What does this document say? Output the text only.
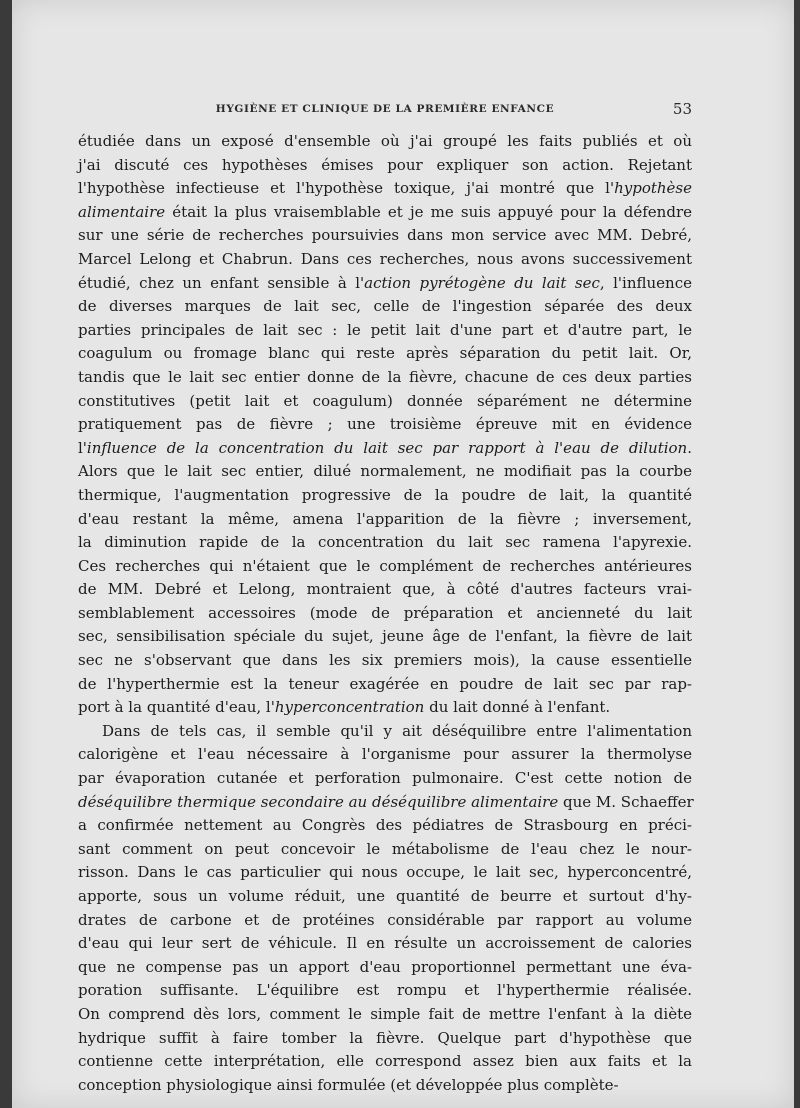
HYGIÈNE ET CLINIQUE DE LA PREMIÈRE ENFANCE	53
étudiée dans un exposé d'ensemble où j'ai groupé les faits publiés et où
j'ai discuté ces hypothèses émises pour expliquer son action. Rejetant
l'hypothèse infectieuse et l'hypothèse toxique, j'ai montré que l'hypothèse
alimentaire était la plus vraisemblable et je me suis appuyé pour la défendre
sur une série de recherches poursuivies dans mon service avec MM. Debré,
Marcel Lelong et Chabrun. Dans ces recherches, nous avons successivement
étudié, chez un enfant sensible à l'action pyrétogène du lait sec, l'influence
de diverses marques de lait sec, celle de l'ingestion séparée des deux
parties principales de lait sec : le petit lait d'une part et d'autre part, le
coagulum ou fromage blanc qui reste après séparation du petit lait. Or,
tandis que le lait sec entier donne de la fièvre, chacune de ces deux parties
constitutives (petit lait et coagulum) donnée séparément ne détermine
pratiquement pas de fièvre ; une troisième épreuve mit en évidence
l'influence de la concentration du lait sec par rapport à l'eau de dilution.
Alors que le lait sec entier, dilué normalement, ne modifiait pas la courbe
thermique, l'augmentation progressive de la poudre de lait, la quantité
d'eau restant la même, amena l'apparition de la fièvre ; inversement,
la diminution rapide de la concentration du lait sec ramena l'apyrexie.
Ces recherches qui n'étaient que le complément de recherches antérieures
de MM. Debré et Lelong, montraient que, à côté d'autres facteurs vrai-
semblablement accessoires (mode de préparation et ancienneté du lait
sec, sensibilisation spéciale du sujet, jeune âge de l'enfant, la fièvre de lait
sec ne s'observant que dans les six premiers mois), la cause essentielle
de l'hyperthermie est la teneur exagérée en poudre de lait sec par rap-
port à la quantité d'eau, l'hyperconcentration du lait donné à l'enfant.
Dans de tels cas, il semble qu'il y ait déséquilibre entre l'alimentation
calorigène et l'eau nécessaire à l'organisme pour assurer la thermolyse
par évaporation cutanée et perforation pulmonaire. C'est cette notion de
déséquilibre thermique secondaire au déséquilibre alimentaire que M. Schaeffer
a confirmée nettement au Congrès des pédiatres de Strasbourg en préci-
sant comment on peut concevoir le métabolisme de l'eau chez le nour-
risson. Dans le cas particulier qui nous occupe, le lait sec, hyperconcentré,
apporte, sous un volume réduit, une quantité de beurre et surtout d'hy-
drates de carbone et de protéines considérable par rapport au volume
d'eau qui leur sert de véhicule. Il en résulte un accroissement de calories
que ne compense pas un apport d'eau proportionnel permettant une éva-
poration suffisante. L'équilibre est rompu et l'hyperthermie réalisée.
On comprend dès lors, comment le simple fait de mettre l'enfant à la diète
hydrique suffit à faire tomber la fièvre. Quelque part d'hypothèse que
contienne cette interprétation, elle correspond assez bien aux faits et la
conception physiologique ainsi formulée (et développée plus complète-
